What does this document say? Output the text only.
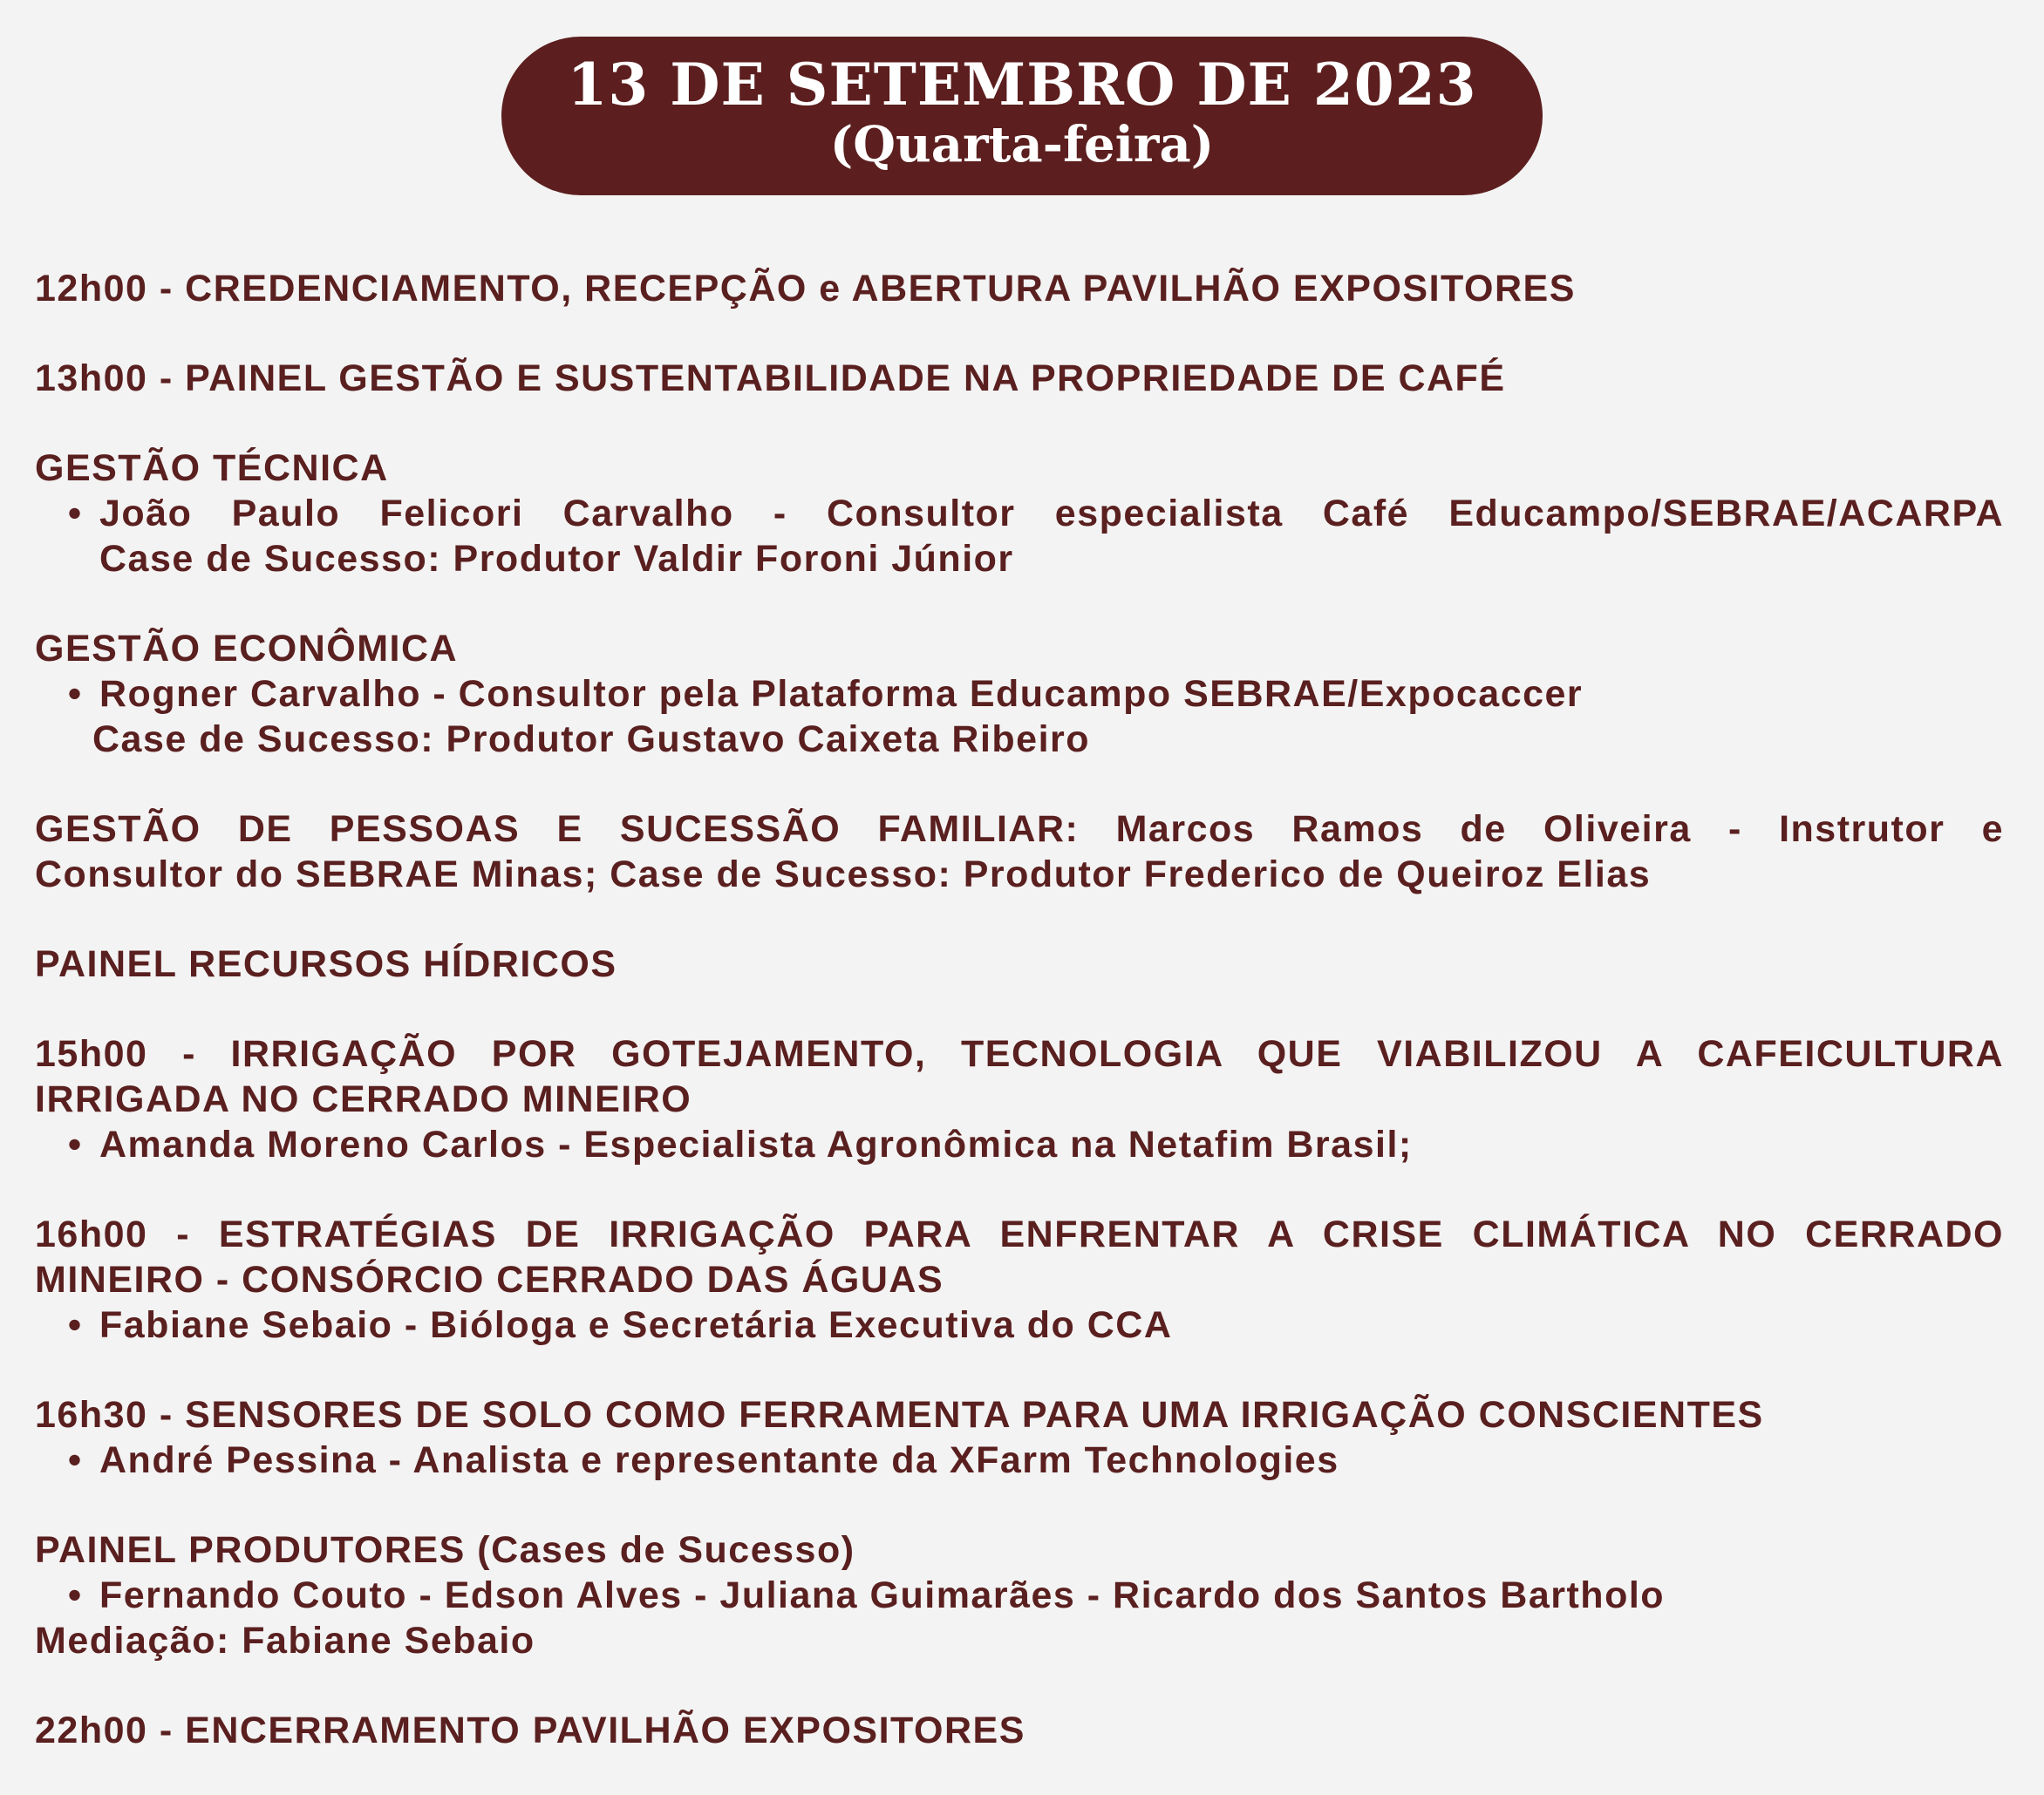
13 DE SETEMBRO DE 2023
(Quarta-feira)
12h00 - CREDENCIAMENTO, RECEPÇÃO e ABERTURA PAVILHÃO EXPOSITORES
13h00 - PAINEL GESTÃO E SUSTENTABILIDADE NA PROPRIEDADE DE CAFÉ
GESTÃO TÉCNICA
• João Paulo Felicori Carvalho - Consultor especialista Café Educampo/SEBRAE/ACARPA
Case de Sucesso: Produtor Valdir Foroni Júnior
GESTÃO ECONÔMICA
• Rogner Carvalho - Consultor pela Plataforma Educampo SEBRAE/Expocaccer
Case de Sucesso: Produtor Gustavo Caixeta Ribeiro
GESTÃO DE PESSOAS E SUCESSÃO FAMILIAR: Marcos Ramos de Oliveira - Instrutor e
Consultor do SEBRAE Minas; Case de Sucesso: Produtor Frederico de Queiroz Elias
PAINEL RECURSOS HÍDRICOS
15h00 - IRRIGAÇÃO POR GOTEJAMENTO, TECNOLOGIA QUE VIABILIZOU A CAFEICULTURA
IRRIGADA NO CERRADO MINEIRO
• Amanda Moreno Carlos - Especialista Agronômica na Netafim Brasil;
16h00 - ESTRATÉGIAS DE IRRIGAÇÃO PARA ENFRENTAR A CRISE CLIMÁTICA NO CERRADO
MINEIRO - CONSÓRCIO CERRADO DAS ÁGUAS
• Fabiane Sebaio - Bióloga e Secretária Executiva do CCA
16h30 - SENSORES DE SOLO COMO FERRAMENTA PARA UMA IRRIGAÇÃO CONSCIENTES
• André Pessina - Analista e representante da XFarm Technologies
PAINEL PRODUTORES (Cases de Sucesso)
• Fernando Couto - Edson Alves - Juliana Guimarães - Ricardo dos Santos Bartholo
Mediação: Fabiane Sebaio
22h00 - ENCERRAMENTO PAVILHÃO EXPOSITORES
